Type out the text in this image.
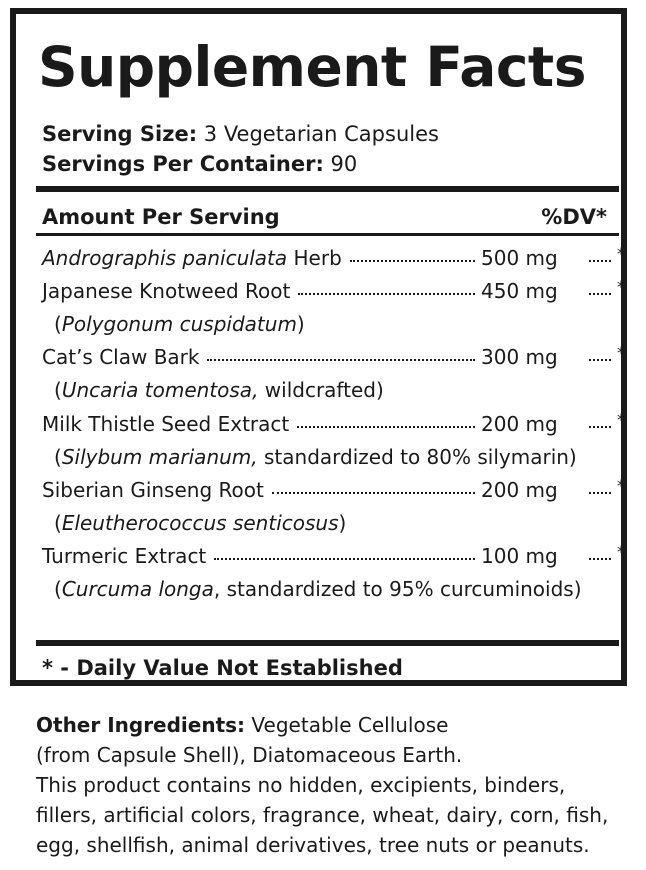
Supplement Facts
Serving Size: 3 Vegetarian Capsules
Servings Per Container: 90
Amount Per Serving	%DV*
Andrographis paniculata Herb	500 mg	*
Japanese Knotweed Root	450 mg	*
(Polygonum cuspidatum)
Cat’s Claw Bark	300 mg	*
(Uncaria tomentosa, wildcrafted)
Milk Thistle Seed Extract	200 mg	*
(Silybum marianum, standardized to 80% silymarin)
Siberian Ginseng Root	200 mg	*
(Eleutherococcus senticosus)
Turmeric Extract	100 mg	*
(Curcuma longa, standardized to 95% curcuminoids)
* - Daily Value Not Established
Other Ingredients: Vegetable Cellulose
(from Capsule Shell), Diatomaceous Earth.
This product contains no hidden, excipients, binders,
fillers, artificial colors, fragrance, wheat, dairy, corn, fish,
egg, shellfish, animal derivatives, tree nuts or peanuts.
